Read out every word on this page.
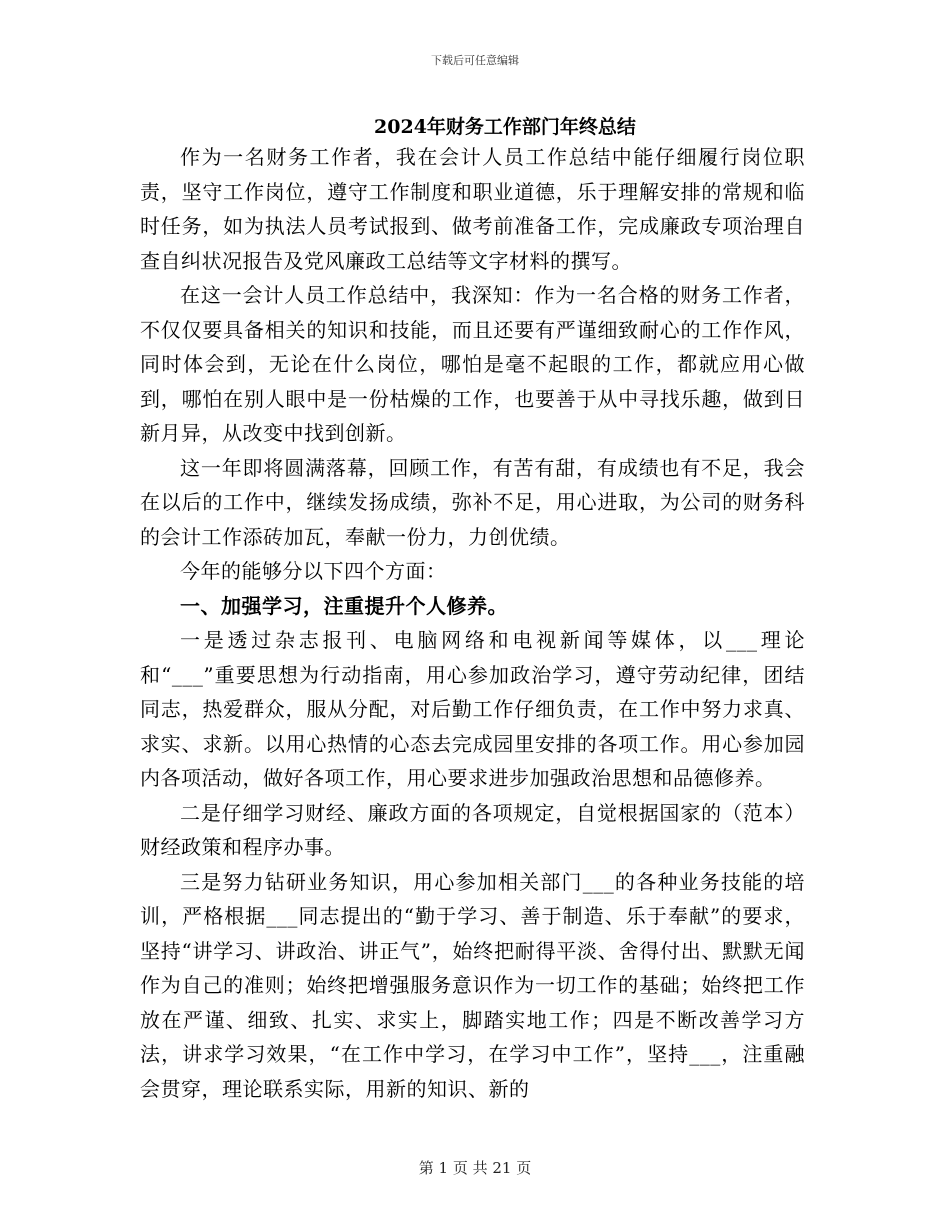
下载后可任意编辑
2024年财务工作部门年终总结

作为一名财务工作者，我在会计人员工作总结中能仔细履行岗位职责，坚守工作岗位，遵守工作制度和职业道德，乐于理解安排的常规和临时任务，如为执法人员考试报到、做考前准备工作，完成廉政专项治理自查自纠状况报告及党风廉政工总结等文字材料的撰写。

在这一会计人员工作总结中，我深知：作为一名合格的财务工作者，不仅仅要具备相关的知识和技能，而且还要有严谨细致耐心的工作作风，同时体会到，无论在什么岗位，哪怕是毫不起眼的工作，都就应用心做到，哪怕在别人眼中是一份枯燥的工作，也要善于从中寻找乐趣，做到日新月异，从改变中找到创新。

这一年即将圆满落幕，回顾工作，有苦有甜，有成绩也有不足，我会在以后的工作中，继续发扬成绩，弥补不足，用心进取，为公司的财务科的会计工作添砖加瓦，奉献一份力，力创优绩。

今年的能够分以下四个方面：

一、加强学习，注重提升个人修养。

一是透过杂志报刊、电脑网络和电视新闻等媒体，以___理论和“___”重要思想为行动指南，用心参加政治学习，遵守劳动纪律，团结同志，热爱群众，服从分配，对后勤工作仔细负责，在工作中努力求真、求实、求新。以用心热情的心态去完成园里安排的各项工作。用心参加园内各项活动，做好各项工作，用心要求进步加强政治思想和品德修养。

二是仔细学习财经、廉政方面的各项规定，自觉根据国家的（范本）财经政策和程序办事。

三是努力钻研业务知识，用心参加相关部门___的各种业务技能的培训，严格根据___同志提出的“勤于学习、善于制造、乐于奉献”的要求，坚持“讲学习、讲政治、讲正气”，始终把耐得平淡、舍得付出、默默无闻作为自己的准则；始终把增强服务意识作为一切工作的基础；始终把工作放在严谨、细致、扎实、求实上，脚踏实地工作；四是不断改善学习方法，讲求学习效果，“在工作中学习，在学习中工作”，坚持___，注重融会贯穿，理论联系实际，用新的知识、新的

第 1 页 共 21 页
